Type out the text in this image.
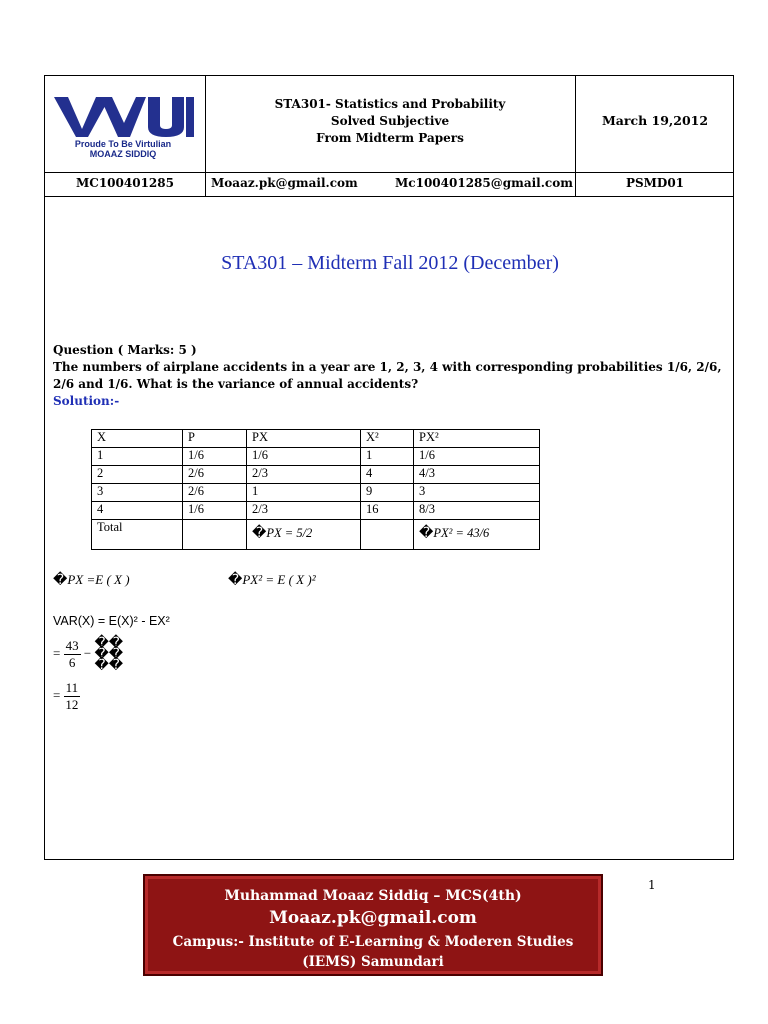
Proude To Be Virtulian
MOAAZ SIDDIQ
STA301- Statistics and Probability
Solved Subjective
From Midterm Papers
March 19,2012
MC100401285	Moaaz.pk@gmail.com	Mc100401285@gmail.com	PSMD01
STA301 – Midterm Fall 2012 (December)
Question ( Marks: 5 )
The numbers of airplane accidents in a year are 1, 2, 3, 4 with corresponding probabilities 1/6, 2/6, 2/6 and 1/6. What is the variance of annual accidents?
Solution:-
X	P	PX	X²	PX²
1	1/6	1/6	1	1/6
2	2/6	2/3	4	4/3
3	2/6	1	9	3
4	1/6	2/3	16	8/3
Total		�PX = 5/2		�PX² = 43/6
�PX =E ( X )	�PX² = E ( X )²
VAR(X) = E(X)² - EX²
= $\frac{43}{6}$ − ��
��
��
= $\frac{11}{12}$
1
Muhammad Moaaz Siddiq – MCS(4th)
Moaaz.pk@gmail.com
Campus:- Institute of E-Learning & Moderen Studies
(IEMS) Samundari
